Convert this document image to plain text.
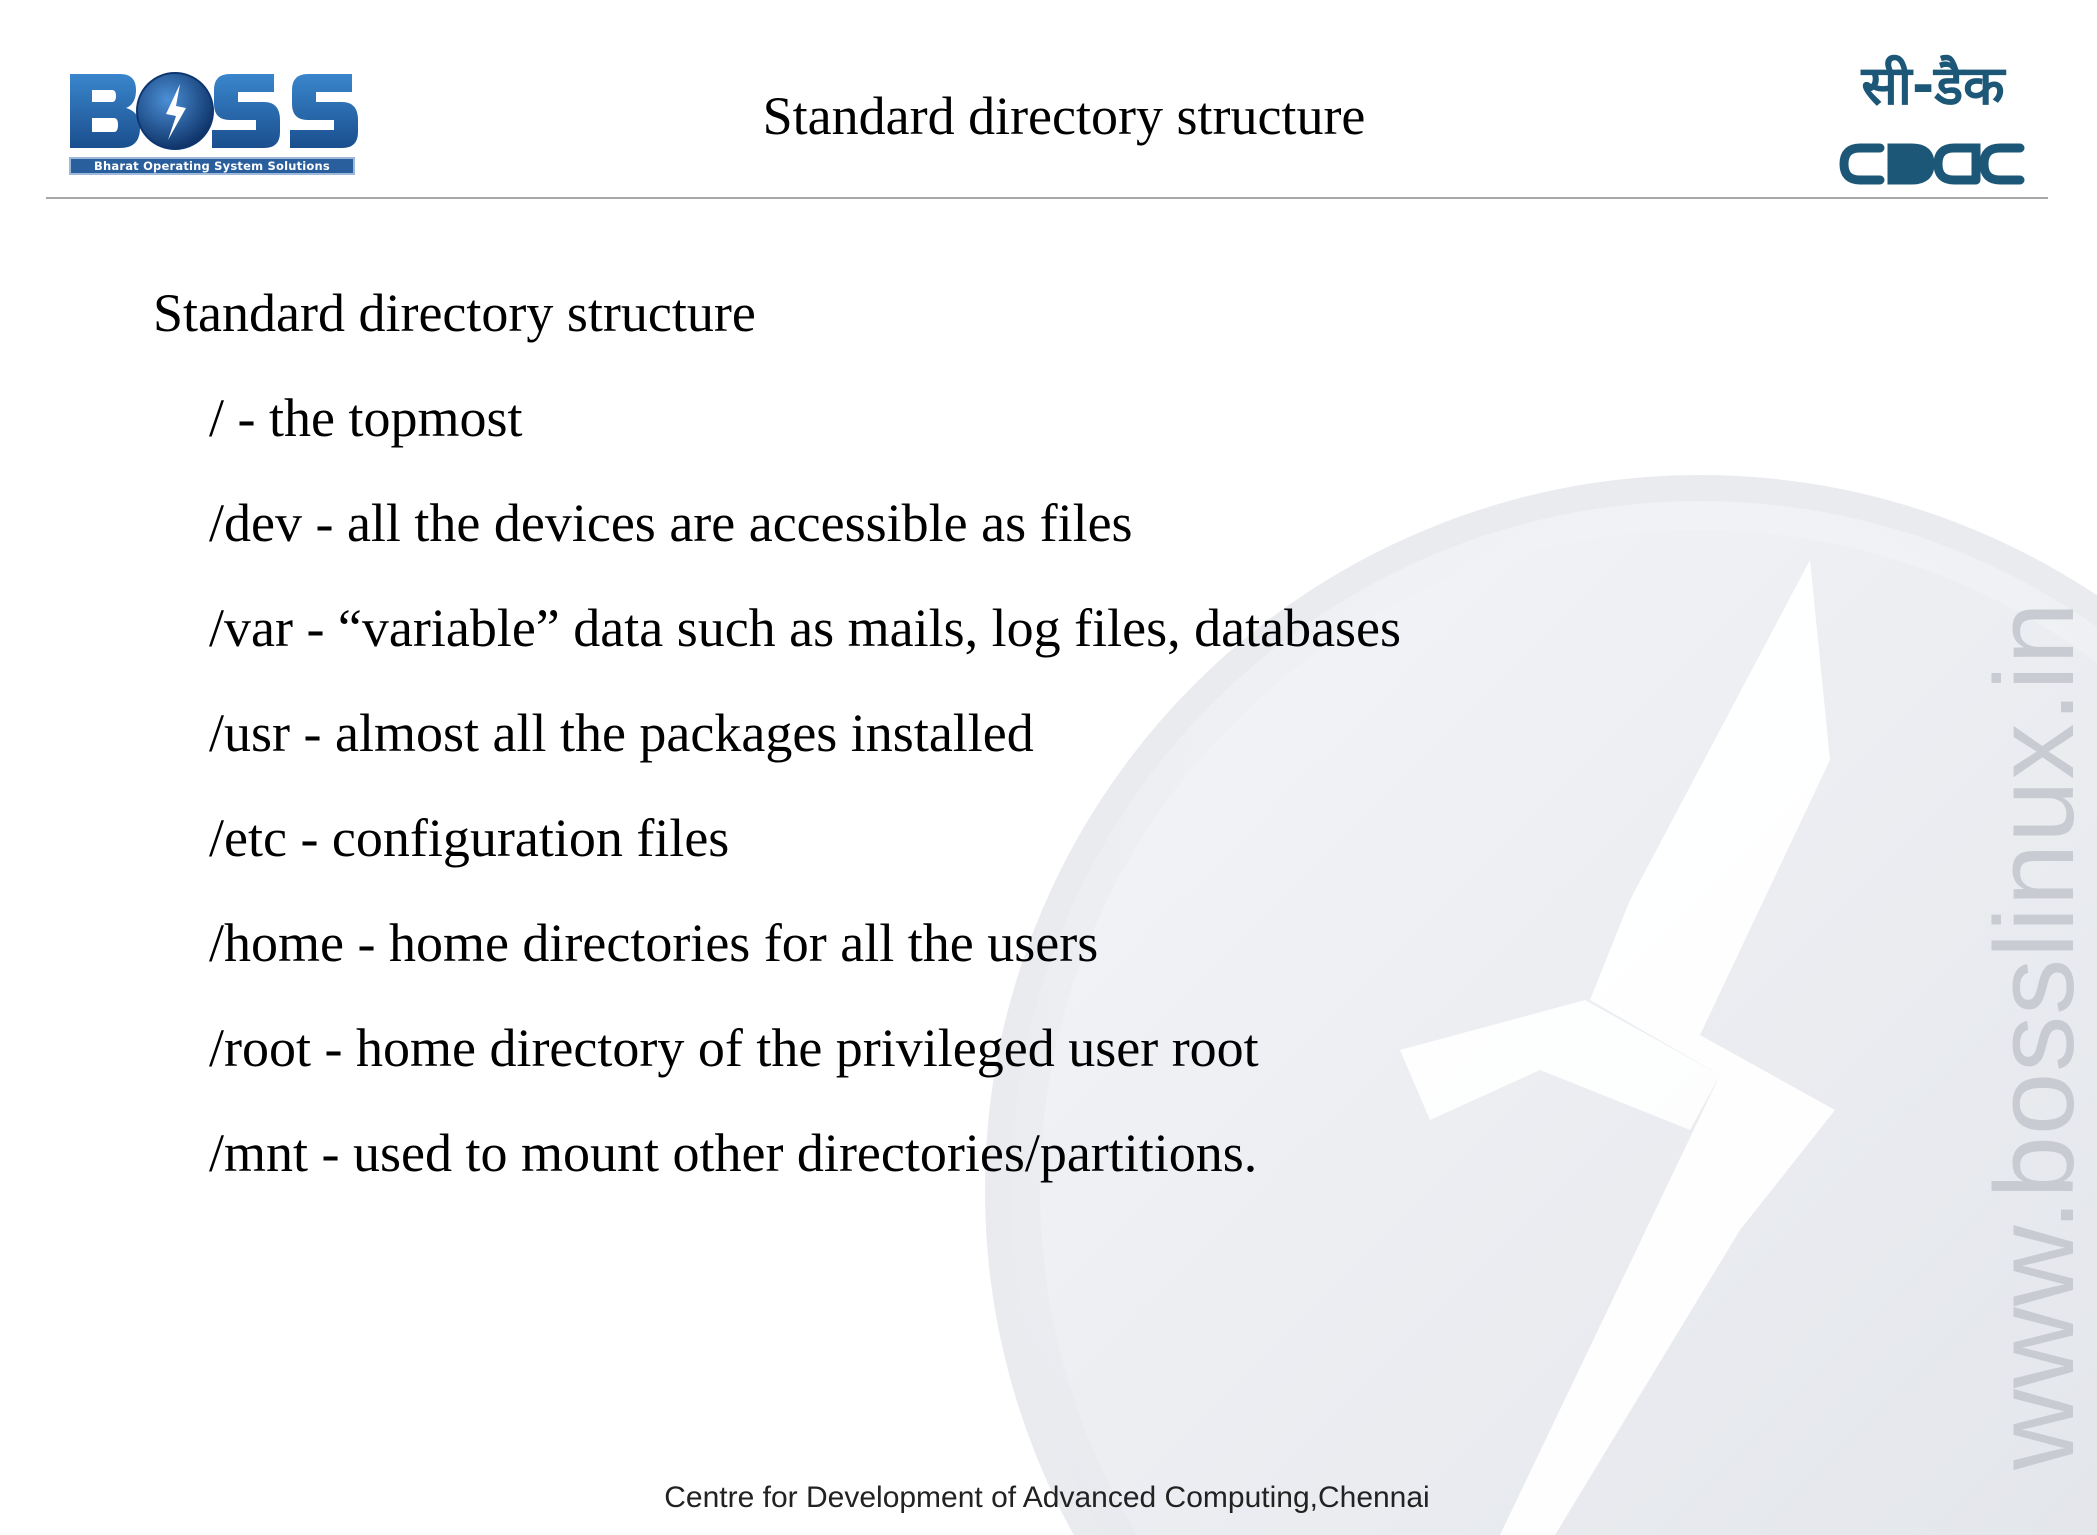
www.bosslinux.in
Bharat Operating System Solutions
Standard directory structure	सी-डैक
Standard directory structure
/ - the topmost
/dev - all the devices are accessible as files
/var - “variable” data such as mails, log files, databases
/usr - almost all the packages installed
/etc - configuration files
/home - home directories for all the users
/root - home directory of the privileged user root
/mnt - used to mount other directories/partitions.
Centre for Development of Advanced Computing,Chennai
